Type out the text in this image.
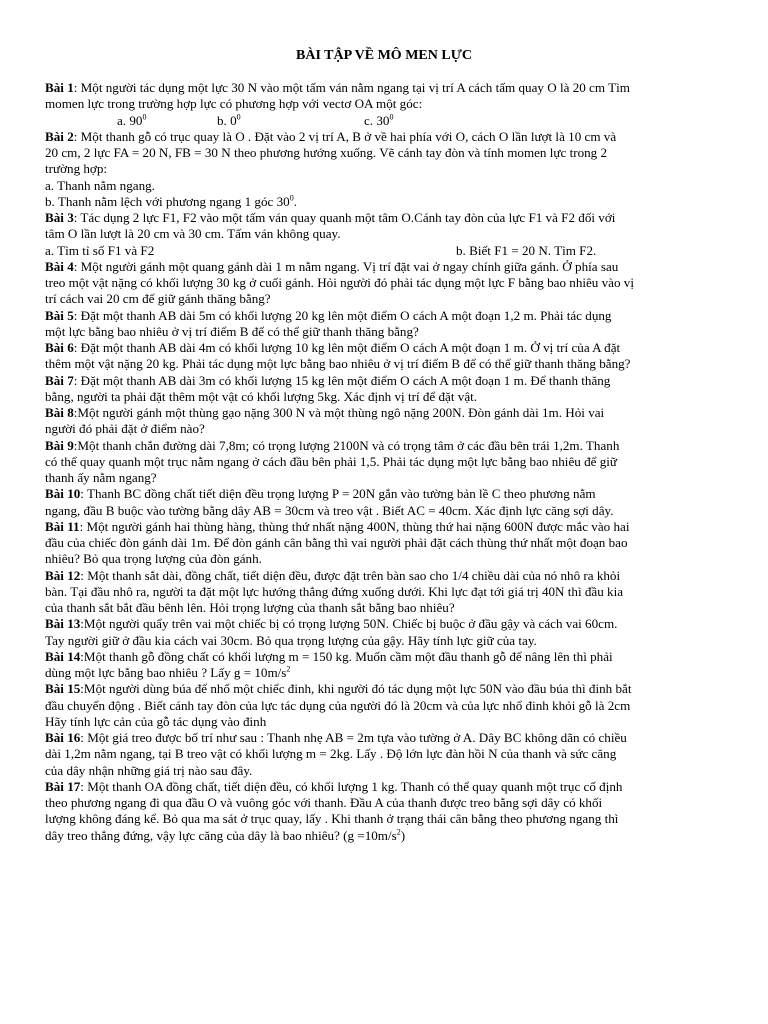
BÀI TẬP VỀ MÔ MEN LỰC
Bài 1: Một người tác dụng một lực 30 N vào một tấm ván nằm ngang tại vị trí A cách tấm quay O là 20 cm Tìm
momen lực trong trường hợp lực có phương hợp với vectơ OA một góc:
a. $90^0$	b. $0^0$	c. $30^0$
Bài 2: Một thanh gỗ có trục quay là O . Đặt vào 2 vị trí A, B ở về hai phía với O, cách O lần lượt là 10 cm và
20 cm, 2 lực FA = 20 N, FB = 30 N theo phương hướng xuống. Vẽ cánh tay đòn và tính momen lực trong 2
trường hợp:
a. Thanh nằm ngang.
b. Thanh nằm lệch với phương ngang 1 góc $30^0$.
Bài 3: Tác dụng 2 lực F1, F2 vào một tấm ván quay quanh một tâm O.Cánh tay đòn của lực F1 và F2 đối với
tâm O lần lượt là 20 cm và 30 cm. Tấm ván không quay.
a. Tìm tỉ số F1 và F2	b. Biết F1 = 20 N. Tìm F2.
Bài 4: Một người gánh một quang gánh dài 1 m nằm ngang. Vị trí đặt vai ở ngay chính giữa gánh. Ở phía sau
treo một vật nặng có khối lượng 30 kg ở cuối gánh. Hỏi người đó phải tác dụng một lực F bằng bao nhiêu vào vị
trí cách vai 20 cm để giữ gánh thăng bằng?
Bài 5: Đặt một thanh AB dài 5m có khối lượng 20 kg lên một điểm O cách A một đoạn 1,2 m. Phải tác dụng
một lực bằng bao nhiêu ở vị trí điểm B để có thể giữ thanh thăng bằng?
Bài 6: Đặt một thanh AB dài 4m có khối lượng 10 kg lên một điểm O cách A một đoạn 1 m. Ở vị trí của A đặt
thêm một vật nặng 20 kg. Phải tác dụng một lực bằng bao nhiêu ở vị trí điểm B để có thể giữ thanh thăng bằng?
Bài 7: Đặt một thanh AB dài 3m có khối lượng 15 kg lên một điểm O cách A một đoạn 1 m. Để thanh thăng
bằng, người ta phải đặt thêm một vật có khối lượng 5kg. Xác định vị trí để đặt vật.
Bài 8:Một người gánh một thùng gạo nặng 300 N và một thùng ngô nặng 200N. Đòn gánh dài 1m. Hỏi vai
người đó phải đặt ở điểm nào?
Bài 9:Một thanh chắn đường dài 7,8m; có trọng lượng 2100N và có trọng tâm ở các đầu bên trái 1,2m. Thanh
có thể quay quanh một trục nằm ngang ở cách đầu bên phải 1,5. Phải tác dụng một lực bằng bao nhiêu để giữ
thanh ấy nằm ngang?
Bài 10: Thanh BC đồng chất tiết diện đều trọng lượng P = 20N gắn vào tường bản lề C theo phương nằm
ngang, đầu B buộc vào tường bằng dây AB = 30cm và treo vật . Biết AC = 40cm. Xác định lực căng sợi dây.
Bài 11: Một người gánh hai thùng hàng, thùng thứ nhất nặng 400N, thùng thứ hai nặng 600N được mắc vào hai
đầu của chiếc đòn gánh dài 1m. Để đòn gánh cân bằng thì vai người phải đặt cách thùng thứ nhất một đoạn bao
nhiêu? Bỏ qua trọng lượng của đòn gánh.
Bài 12: Một thanh sắt dài, đồng chất, tiết diện đều, được đặt trên bàn sao cho 1/4 chiều dài của nó nhô ra khỏi
bàn. Tại đầu nhô ra, người ta đặt một lực hướng thẳng đứng xuống dưới. Khi lực đạt tới giá trị 40N thì đầu kia
của thanh sắt bắt đầu bênh lên. Hỏi trọng lượng của thanh sắt bằng bao nhiêu?
Bài 13:Một người quẩy trên vai một chiếc bị có trọng lượng 50N. Chiếc bị buộc ở đầu gậy và cách vai 60cm.
Tay người giữ ở đầu kia cách vai 30cm. Bỏ qua trọng lượng của gậy. Hãy tính lực giữ của tay.
Bài 14:Một thanh gỗ đồng chất có khối lượng m = 150 kg. Muốn cầm một đầu thanh gỗ để nâng lên thì phải
dùng một lực bằng bao nhiêu ? Lấy $g = 10m/s^2$
Bài 15:Một người dùng búa để nhổ một chiếc đinh, khi người đó tác dụng một lực 50N vào đầu búa thì đinh bắt
đầu chuyển động . Biết cánh tay đòn của lực tác dụng của người đó là 20cm và của lực nhổ đinh khỏi gỗ là 2cm
Hãy tính lực cản của gỗ tác dụng vào đinh
Bài 16: Một giá treo được bố trí như sau : Thanh nhẹ AB = 2m tựa vào tường ở A. Dây BC không dãn có chiều
dài 1,2m nằm ngang, tại B treo vật có khối lượng m = 2kg. Lấy . Độ lớn lực đàn hồi N của thanh và sức căng
của dây nhận những giá trị nào sau đây.
Bài 17: Một thanh OA đồng chất, tiết diện đều, có khối lượng 1 kg. Thanh có thể quay quanh một trục cố định
theo phương ngang đi qua đầu O và vuông góc với thanh. Đầu A của thanh được treo bằng sợi dây có khối
lượng không đáng kể. Bỏ qua ma sát ở trục quay, lấy . Khi thanh ở trạng thái cân bằng theo phương ngang thì
dây treo thẳng đứng, vậy lực căng của dây là bao nhiêu? $(g =10m/s^2)$
